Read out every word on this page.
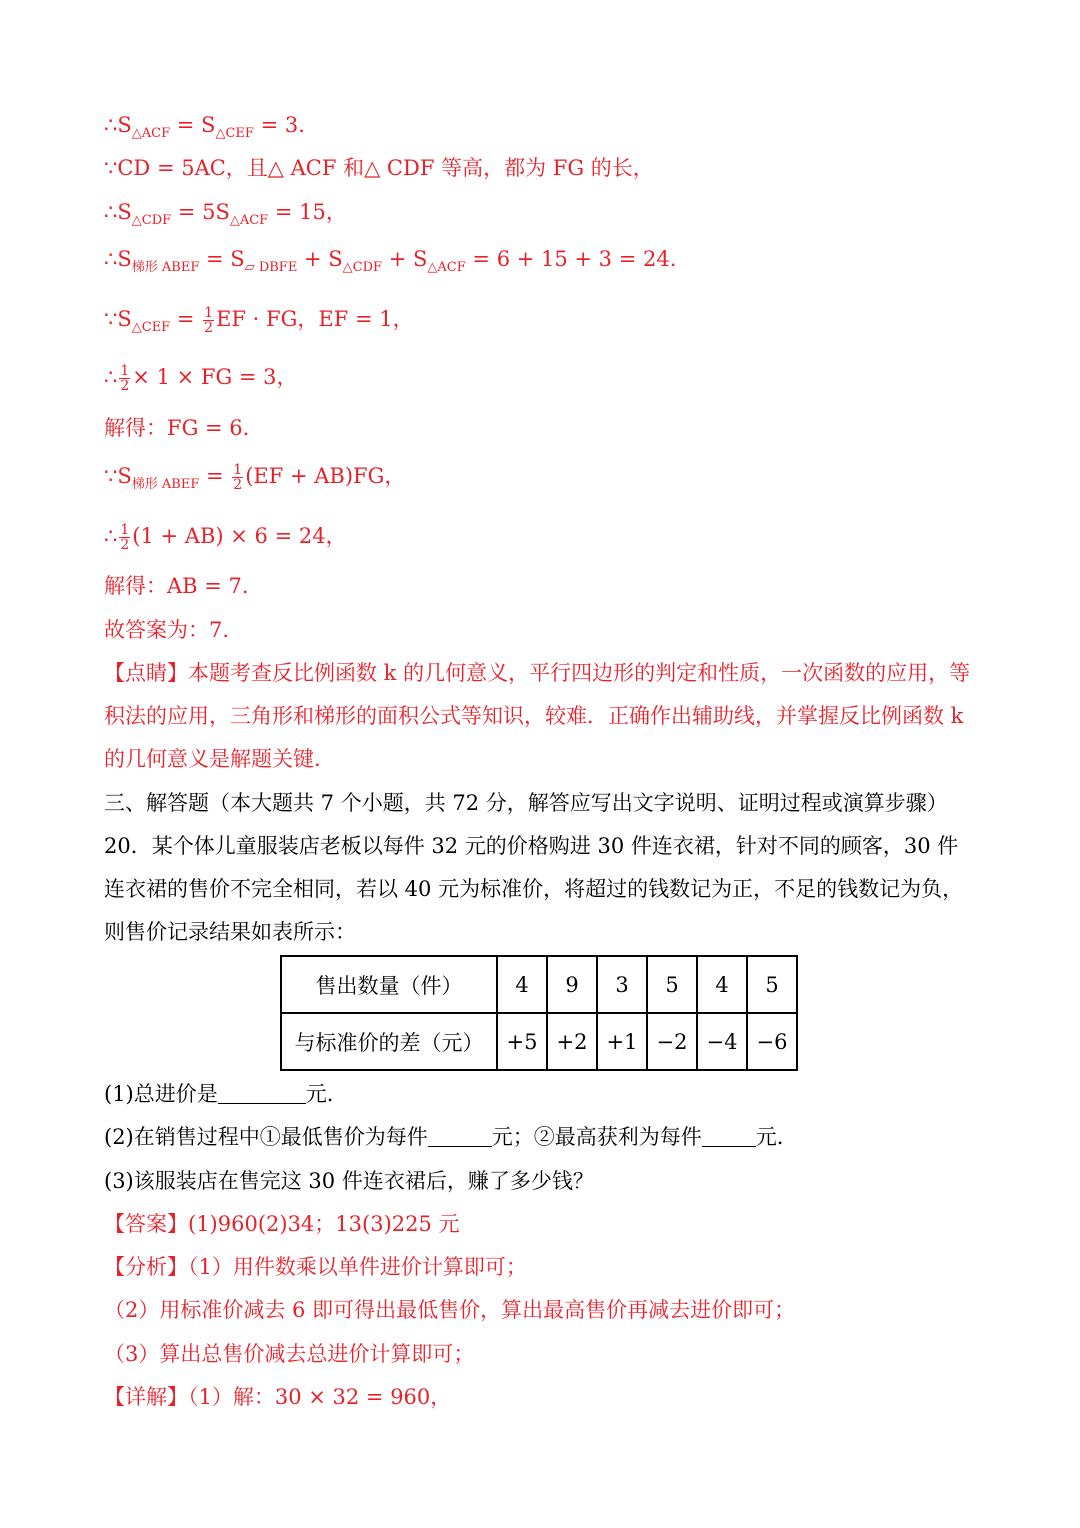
$\therefore S_{\triangle ACF} = S_{\triangle CEF} = 3$.
∵CD = 5AC，且△ ACF 和△ CDF 等高，都为 FG 的长，
$\therefore S_{\triangle CDF} = 5S_{\triangle ACF} = 15$，
$\therefore S_{梯形 ABEF} = S_{▱ DBFE} + S_{\triangle CDF} + S_{\triangle ACF} = 6 + 15 + 3 = 24$.
$\because S_{\triangle CEF} = \frac{1}{2}$ EF · FG，EF = 1，
∴ $\frac{1}{2} \times 1$ × FG = 3，
解得：FG = 6.
$\because S_{梯形 ABEF} = \frac{1}{2} (EF + AB)FG$，
∴ $\frac{1}{2} (1 + AB) \times 6 = 24$，
解得：AB = 7.
故答案为：7.
【点睛】本题考查反比例函数 k 的几何意义，平行四边形的判定和性质，一次函数的应用，等积法的应用，三角形和梯形的面积公式等知识，较难．正确作出辅助线，并掌握反比例函数 k 的几何意义是解题关键.
三、解答题（本大题共 7 个小题，共 72 分，解答应写出文字说明、证明过程或演算步骤）
20．某个体儿童服装店老板以每件 32 元的价格购进 30 件连衣裙，针对不同的顾客，30 件连衣裙的售价不完全相同，若以 40 元为标准价，将超过的钱数记为正，不足的钱数记为负，则售价记录结果如表所示：
售出数量（件）	4	9	3	5	4	5
与标准价的差（元）	+5	+2	+1	−2	−4	−6
(1)总进价是	元.
(2)在销售过程中①最低售价为每件	元；②最高获利为每件	元.
(3)该服装店在售完这 30 件连衣裙后，赚了多少钱？
【答案】(1)960(2)34；13(3)225 元
【分析】（1）用件数乘以单件进价计算即可；
（2）用标准价减去 6 即可得出最低售价，算出最高售价再减去进价即可；
（3）算出总售价减去总进价计算即可；
【详解】（1）解：30 × 32 = 960，
